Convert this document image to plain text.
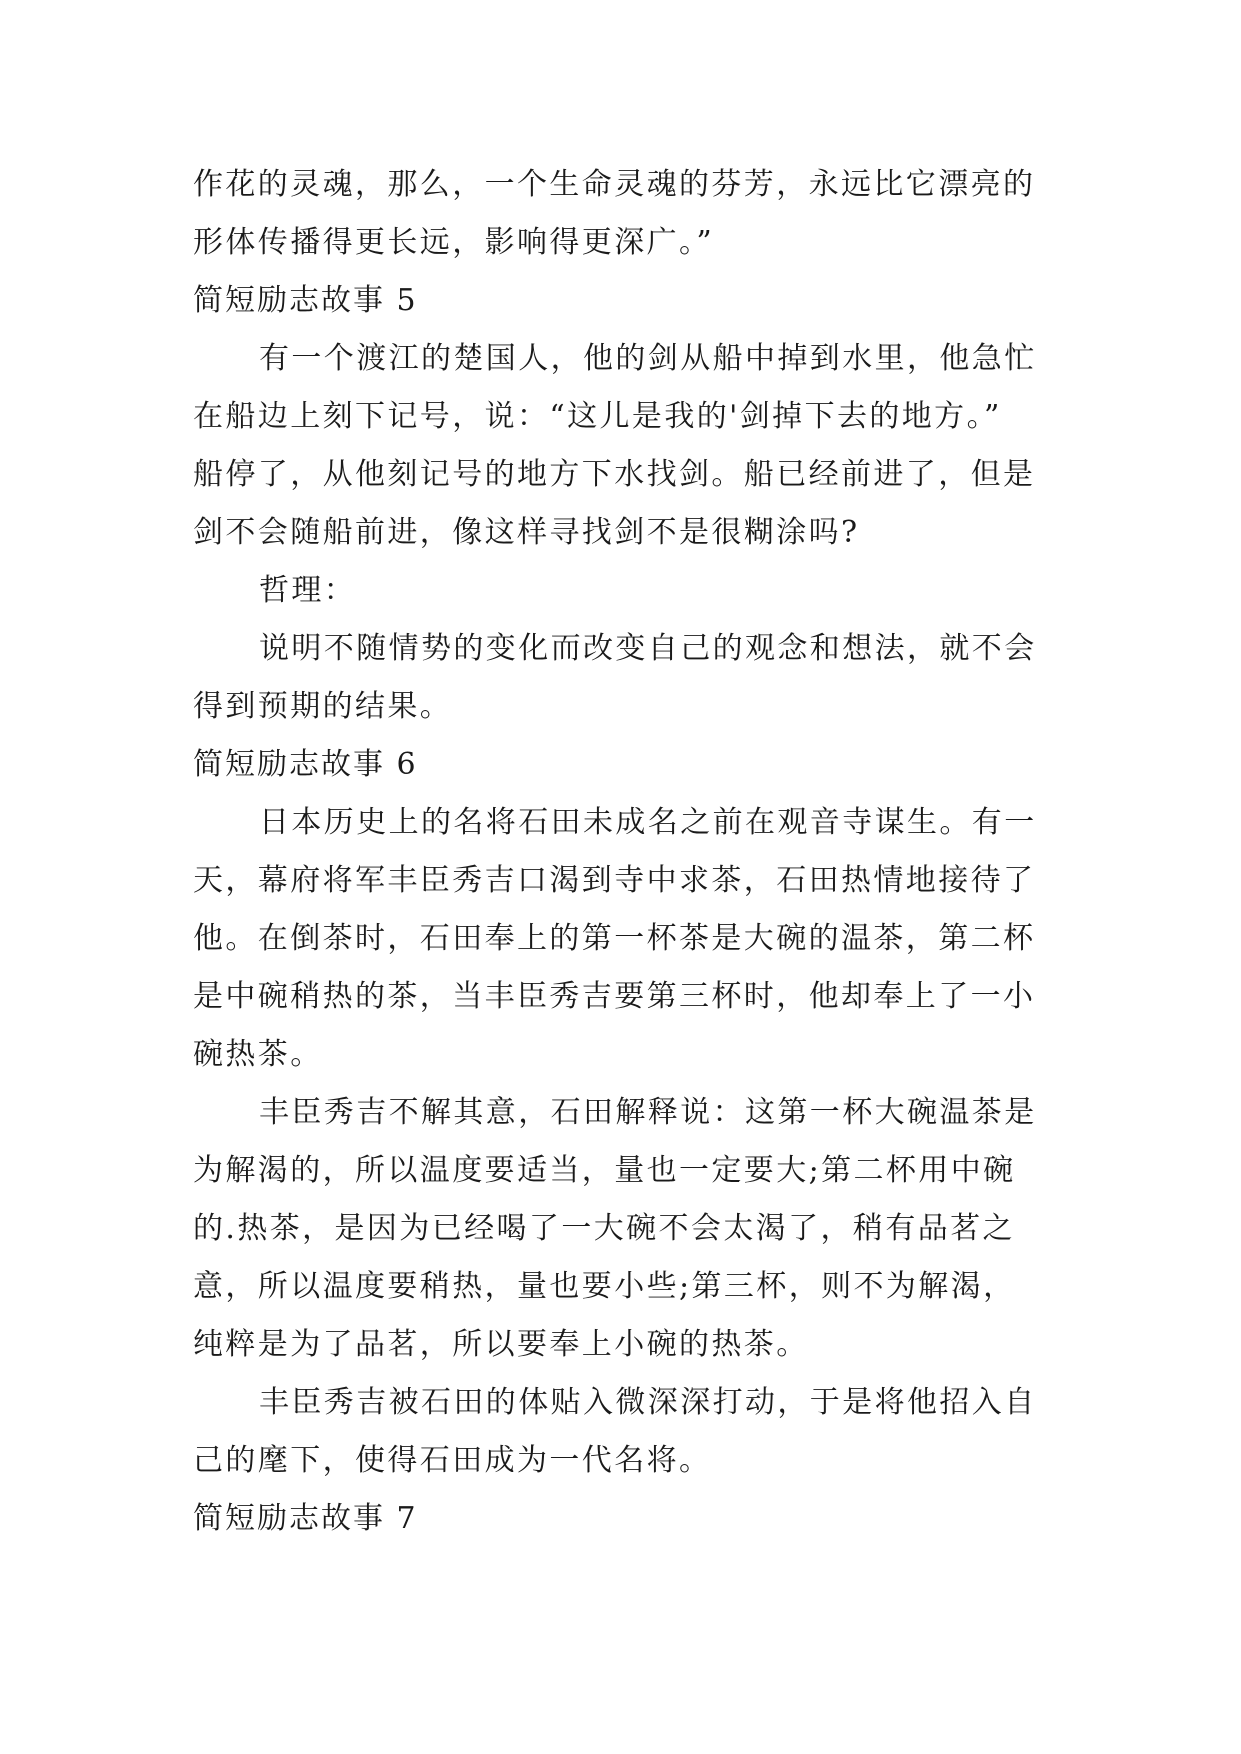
作花的灵魂，那么，一个生命灵魂的芬芳，永远比它漂亮的
形体传播得更长远，影响得更深广。”
简短励志故事 5
有一个渡江的楚国人，他的剑从船中掉到水里，他急忙
在船边上刻下记号，说：“这儿是我的'剑掉下去的地方。”
船停了，从他刻记号的地方下水找剑。船已经前进了，但是
剑不会随船前进，像这样寻找剑不是很糊涂吗?
哲理：
说明不随情势的变化而改变自己的观念和想法，就不会
得到预期的结果。
简短励志故事 6
日本历史上的名将石田未成名之前在观音寺谋生。有一
天，幕府将军丰臣秀吉口渴到寺中求茶，石田热情地接待了
他。在倒茶时，石田奉上的第一杯茶是大碗的温茶，第二杯
是中碗稍热的茶，当丰臣秀吉要第三杯时，他却奉上了一小
碗热茶。
丰臣秀吉不解其意，石田解释说：这第一杯大碗温茶是
为解渴的，所以温度要适当，量也一定要大;第二杯用中碗
的.热茶，是因为已经喝了一大碗不会太渴了，稍有品茗之
意，所以温度要稍热，量也要小些;第三杯，则不为解渴，
纯粹是为了品茗，所以要奉上小碗的热茶。
丰臣秀吉被石田的体贴入微深深打动，于是将他招入自
己的麾下，使得石田成为一代名将。
简短励志故事 7
